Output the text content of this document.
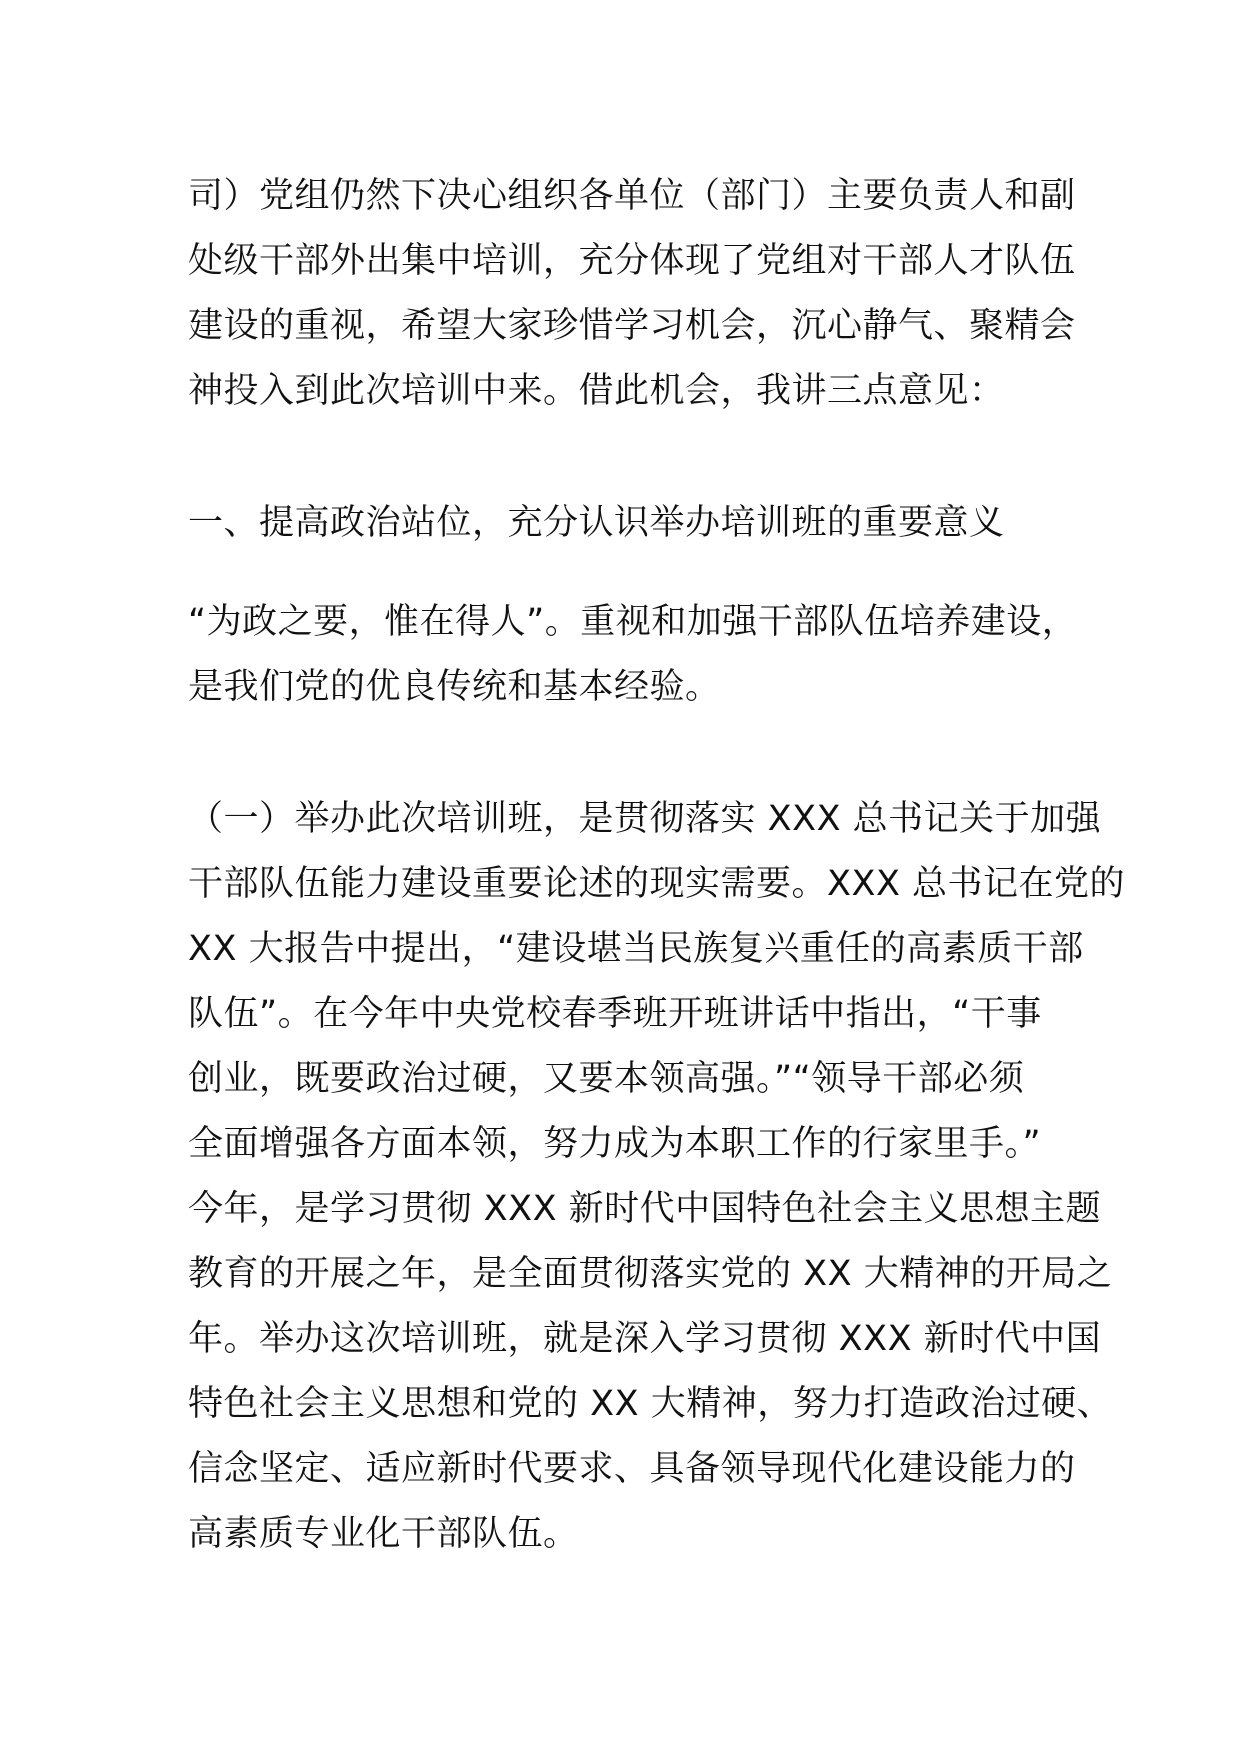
司）党组仍然下决心组织各单位（部门）主要负责人和副
处级干部外出集中培训，充分体现了党组对干部人才队伍
建设的重视，希望大家珍惜学习机会，沉心静气、聚精会
神投入到此次培训中来。借此机会，我讲三点意见：
一、提高政治站位，充分认识举办培训班的重要意义
“为政之要，惟在得人”。重视和加强干部队伍培养建设，
是我们党的优良传统和基本经验。
（一）举办此次培训班，是贯彻落实 XXX 总书记关于加强
干部队伍能力建设重要论述的现实需要。XXX 总书记在党的
XX 大报告中提出，“建设堪当民族复兴重任的高素质干部
队伍”。在今年中央党校春季班开班讲话中指出，“干事
创业，既要政治过硬，又要本领高强。”“领导干部必须
全面增强各方面本领，努力成为本职工作的行家里手。”
今年，是学习贯彻 XXX 新时代中国特色社会主义思想主题
教育的开展之年，是全面贯彻落实党的 XX 大精神的开局之
年。举办这次培训班，就是深入学习贯彻 XXX 新时代中国
特色社会主义思想和党的 XX 大精神，努力打造政治过硬、
信念坚定、适应新时代要求、具备领导现代化建设能力的
高素质专业化干部队伍。
